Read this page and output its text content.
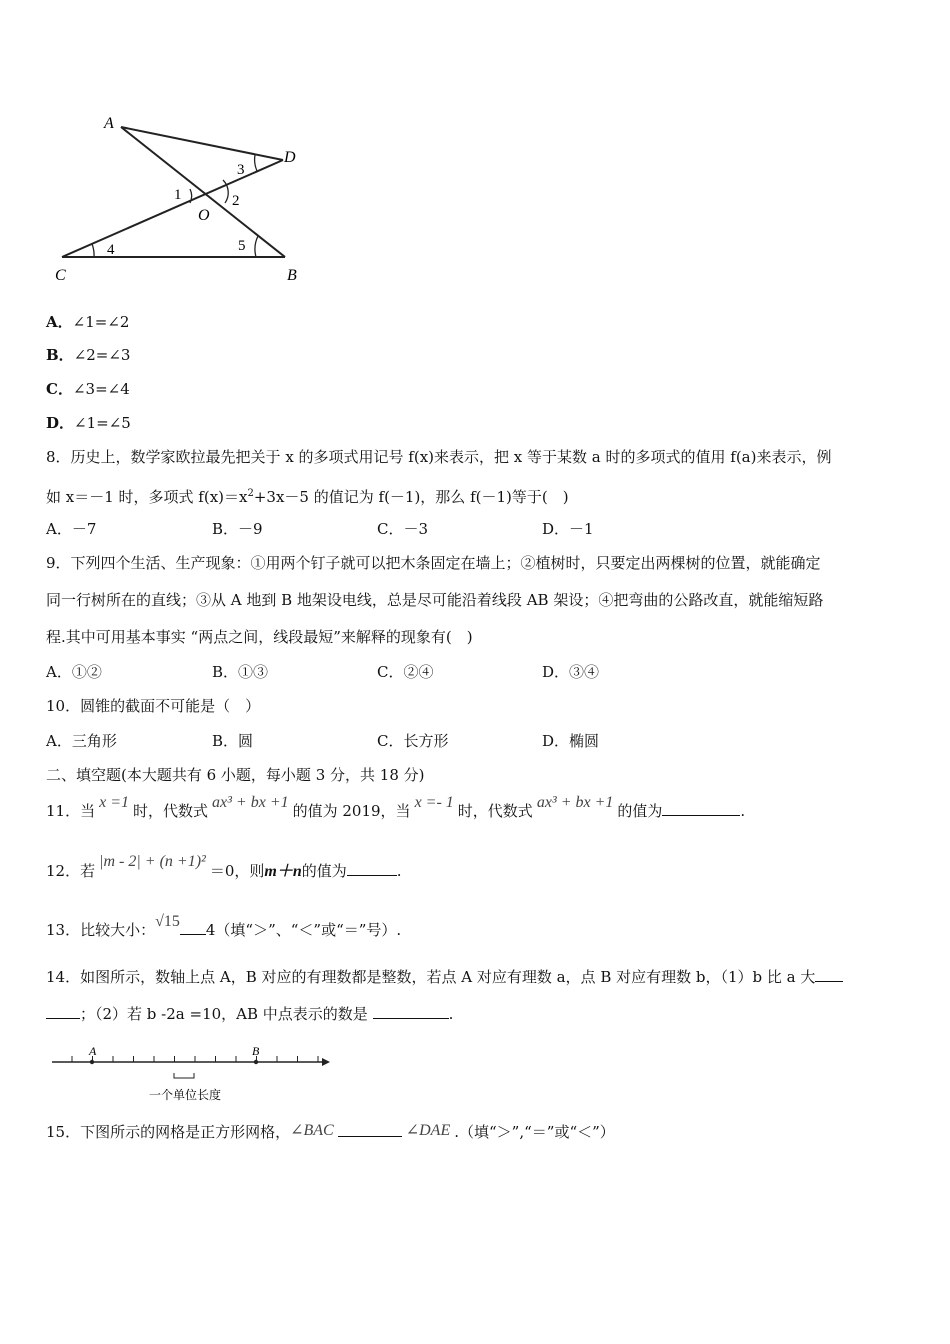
A
D
O
C	B
1	2
3
4	5
A．∠1=∠2
B．∠2=∠3
C．∠3=∠4
D．∠1=∠5
8．历史上，数学家欧拉最先把关于 x 的多项式用记号 f(x)来表示，把 x 等于某数 a 时的多项式的值用 f(a)来表示，例
如 x＝－1 时，多项式 $f(x)=x^2+3x-5$ 的值记为 f(－1)，那么 f(－1)等于(　)
A．－7	B．－9	C．－3	D．－1
9．下列四个生活、生产现象：①用两个钉子就可以把木条固定在墙上；②植树时，只要定出两棵树的位置，就能确定
同一行树所在的直线；③从 A 地到 B 地架设电线，总是尽可能沿着线段 AB 架设；④把弯曲的公路改直，就能缩短路
程.其中可用基本事实 “两点之间，线段最短”来解释的现象有(　)
A．①②	B．①③	C．②④	D．③④
10．圆锥的截面不可能是（　）
A．三角形	B．圆	C．长方形	D．椭圆
二、填空题(本大题共有 6 小题，每小题 3 分，共 18 分)
11．当 x =1 时，代数式 ax³ + bx +1 的值为 2019，当 x =- 1 时，代数式 ax³ + bx +1 的值为	.
12．若|m - 2| + (n +1)²＝0，则m＋n的值为	.
13．比较大小：√15 4（填“＞”、“＜”或“＝”号）.
14．如图所示，数轴上点 A，B 对应的有理数都是整数，若点 A 对应有理数 a，点 B 对应有理数 b，（1）b 比 a 大
；（2）若 b -2a =10，AB 中点表示的数是	.
A	B
一个单位长度
15．下图所示的网格是正方形网格，∠BAC	∠DAE .（填“＞”,“＝”或“＜”）
